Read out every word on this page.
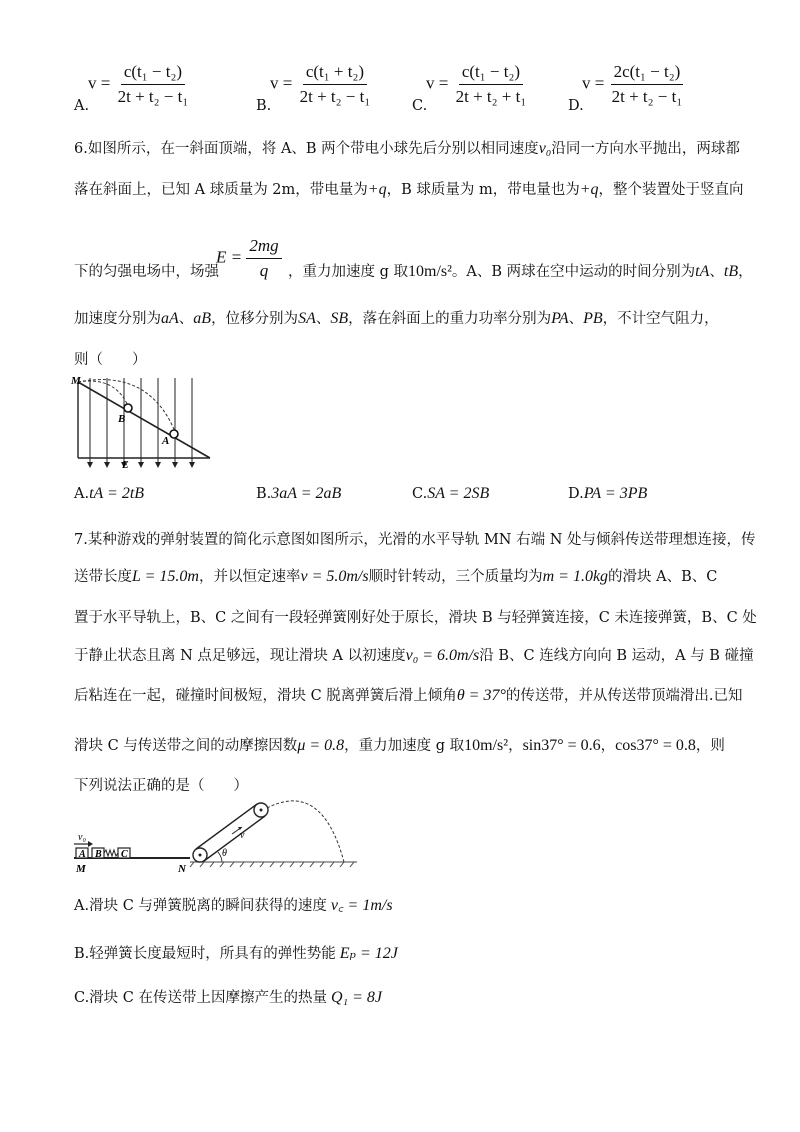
$v = \frac{\text{c(t₁ − t₂)}}{\text{2t + t₂ − t₁}}$
A.
$v = \frac{\text{c(t₁ + t₂)}}{\text{2t + t₂ − t₁}}$
B.
$v = \frac{\text{c(t₁ − t₂)}}{\text{2t + t₂ + t₁}}$
C.
$v = \frac{\text{2c(t₁ − t₂)}}{\text{2t + t₂ − t₁}}$
D.
6.如图所示，在一斜面顶端，将 A、B 两个带电小球先后分别以相同速度v₀沿同一方向水平抛出，两球都
落在斜面上，已知 A 球质量为 2m，带电量为+q，B 球质量为 m，带电量也为+q，整个装置处于竖直向
下的匀强电场中，场强
$E = \frac{2mg}{q}$ ，重力加速度 g 取10m/s²。A、B 两球在空中运动的时间分别为tA、tB，
加速度分别为aA、aB，位移分别为SA、SB，落在斜面上的重力功率分别为PA、PB，不计空气阻力，
则（　　）
M
B
A
E
A.tA = 2tB	B.3aA = 2aB	C.SA = 2SB	D.PA = 3PB
7.某种游戏的弹射装置的简化示意图如图所示，光滑的水平导轨 MN 右端 N 处与倾斜传送带理想连接，传
送带长度L = 15.0m，并以恒定速率v = 5.0m/s顺时针转动，三个质量均为m = 1.0kg的滑块 A、B、C
置于水平导轨上，B、C 之间有一段轻弹簧刚好处于原长，滑块 B 与轻弹簧连接，C 未连接弹簧，B、C 处
于静止状态且离 N 点足够远，现让滑块 A 以初速度v₀ = 6.0m/s沿 B、C 连线方向向 B 运动，A 与 B 碰撞
后粘连在一起，碰撞时间极短，滑块 C 脱离弹簧后滑上倾角θ = 37°的传送带，并从传送带顶端滑出.已知
滑块 C 与传送带之间的动摩擦因数μ = 0.8，重力加速度 g 取10m/s²，sin37° = 0.6，cos37° = 0.8，则
下列说法正确的是（　　）
v₀
A B C
M	N
v
θ
A.滑块 C 与弹簧脱离的瞬间获得的速度 v꜀ = 1m/s
B.轻弹簧长度最短时，所具有的弹性势能 Eₚ = 12J
C.滑块 C 在传送带上因摩擦产生的热量 Q₁ = 8J
